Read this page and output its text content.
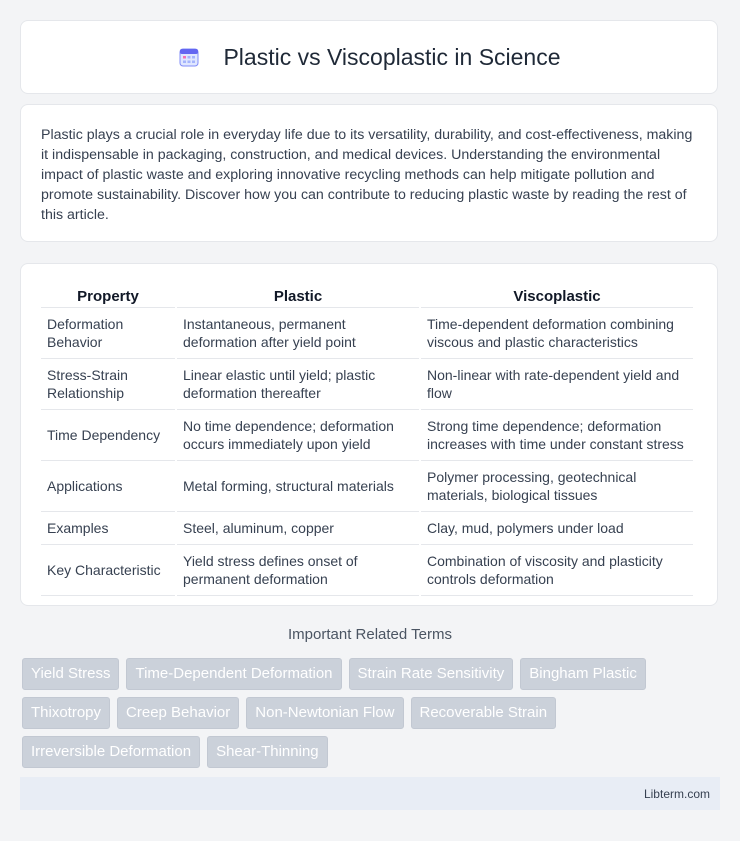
Plastic vs Viscoplastic in Science

Plastic plays a crucial role in everyday life due to its versatility, durability, and cost-effectiveness, making it indispensable in packaging, construction, and medical devices. Understanding the environmental impact of plastic waste and exploring innovative recycling methods can help mitigate pollution and promote sustainability. Discover how you can contribute to reducing plastic waste by reading the rest of this article.

Property	Plastic	Viscoplastic
Deformation Behavior	Instantaneous, permanent deformation after yield point	Time-dependent deformation combining viscous and plastic characteristics
Stress-Strain Relationship	Linear elastic until yield; plastic deformation thereafter	Non-linear with rate-dependent yield and flow
Time Dependency	No time dependence; deformation occurs immediately upon yield	Strong time dependence; deformation increases with time under constant stress
Applications	Metal forming, structural materials	Polymer processing, geotechnical materials, biological tissues
Examples	Steel, aluminum, copper	Clay, mud, polymers under load
Key Characteristic	Yield stress defines onset of permanent deformation	Combination of viscosity and plasticity controls deformation
Important Related Terms
Yield Stress	Time-Dependent Deformation	Strain Rate Sensitivity	Bingham Plastic
Thixotropy	Creep Behavior	Non-Newtonian Flow	Recoverable Strain
Irreversible Deformation	Shear-Thinning
Libterm.com
